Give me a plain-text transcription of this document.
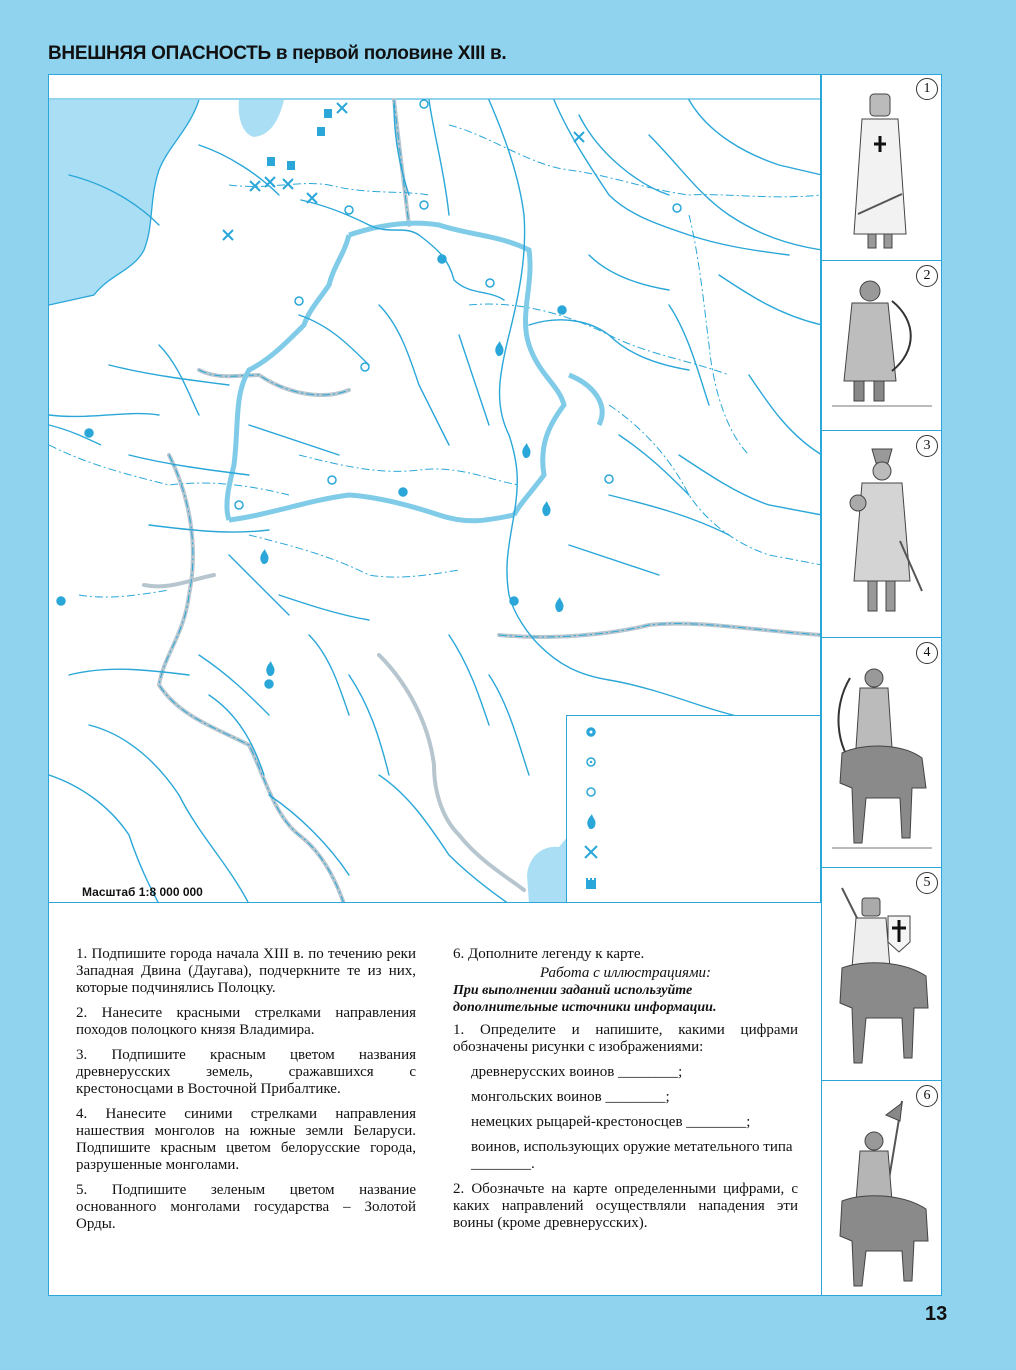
ВНЕШНЯЯ ОПАСНОСТЬ в первой половине XIII в.
Масштаб 1:8 000 000
1
2
3
4
5
6

1. Подпишите города начала XIII в. по течению реки Западная Двина (Даугава), подчеркните те из них, которые подчинялись Полоцку.

2. Нанесите красными стрелками направления походов полоцкого князя Владимира.

3. Подпишите красным цветом названия древнерусских земель, сражавшихся с крестоносцами в Восточной Прибалтике.

4. Нанесите синими стрелками направления нашествия монголов на южные земли Беларуси. Подпишите красным цветом белорусские города, разрушенные монголами.

5. Подпишите зеленым цветом название основанного монголами государства – Золотой Орды.

6. Дополните легенду к карте.

Работа с иллюстрациями:

При выполнении заданий используйте дополнительные источники информации.

1. Определите и напишите, какими цифрами обозначены рисунки с изображениями:

древнерусских воинов ________;

монгольских воинов ________;

немецких рыцарей-крестоносцев ________;

воинов, использующих оружие метательного типа ________.

2. Обозначьте на карте определенными цифрами, с каких направлений осуществляли нападения эти воины (кроме древнерусских).

13
